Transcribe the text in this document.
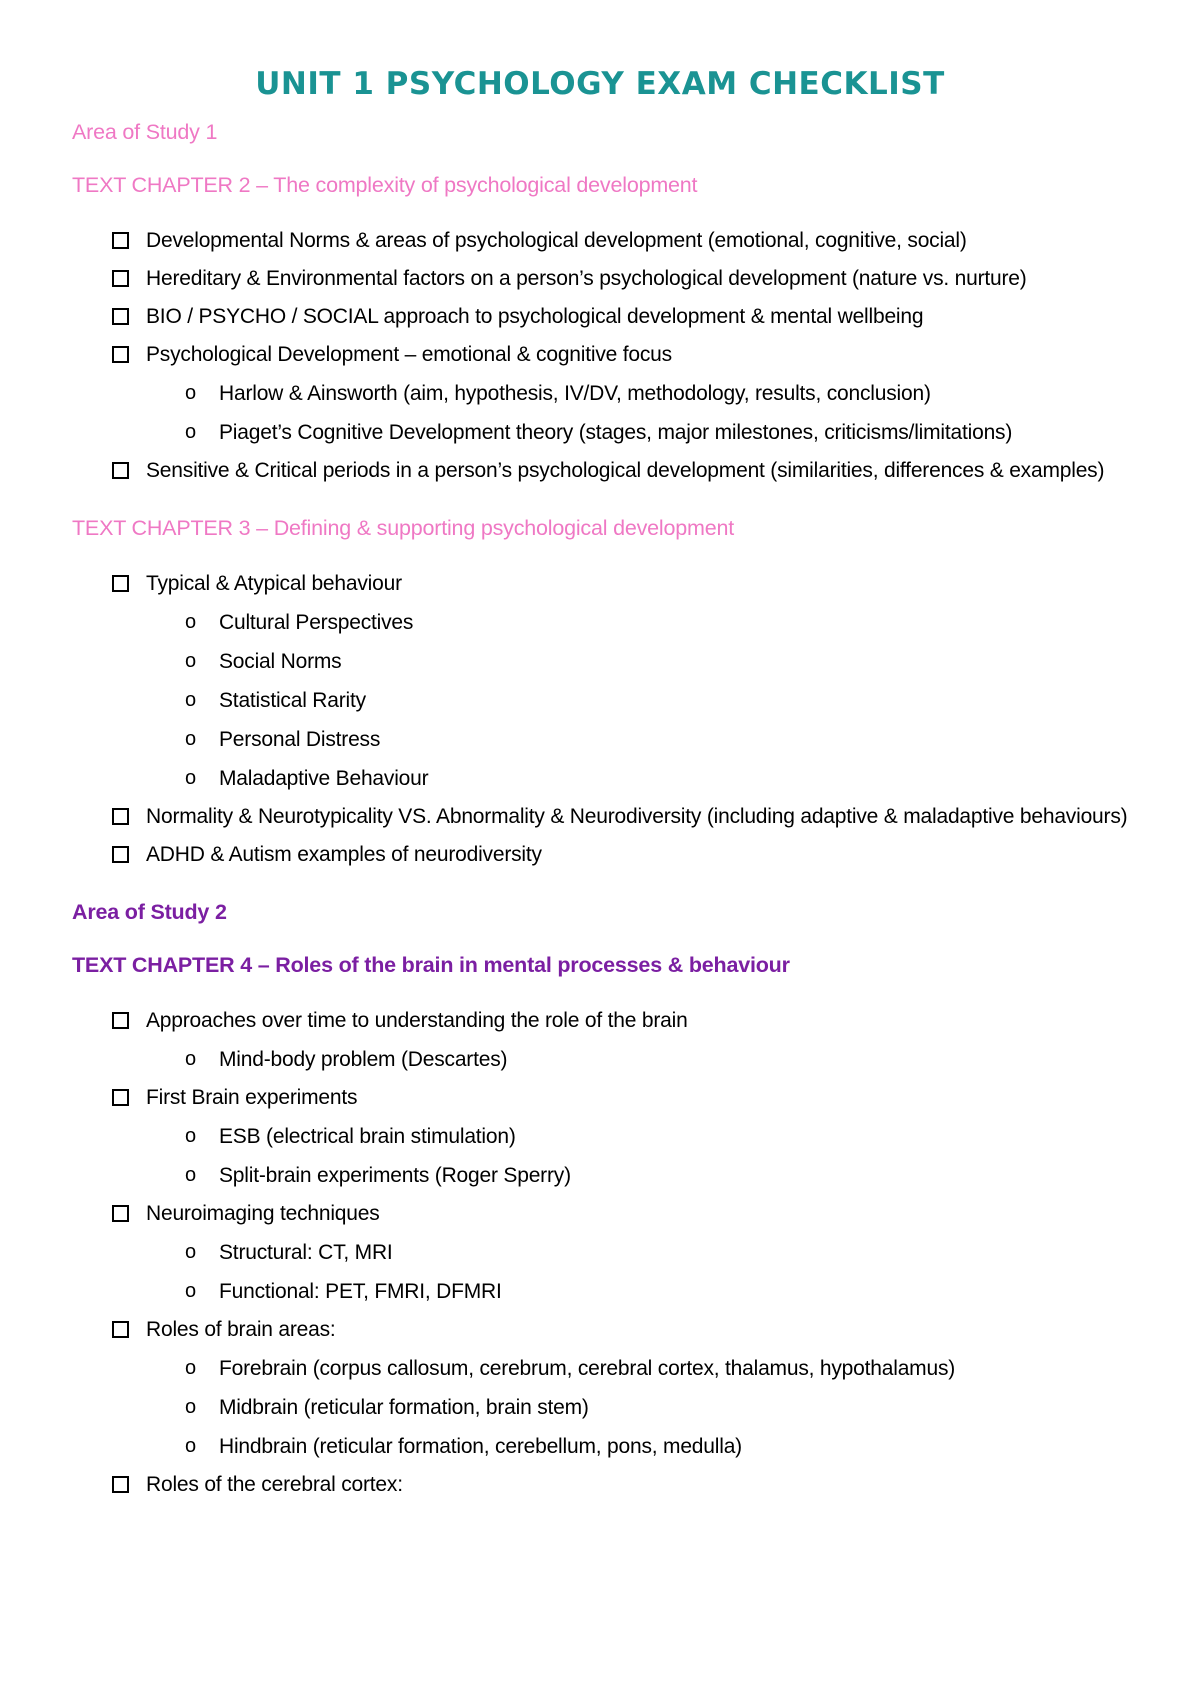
UNIT 1 PSYCHOLOGY EXAM CHECKLIST

Area of Study 1

TEXT CHAPTER 2 – The complexity of psychological development

Developmental Norms & areas of psychological development (emotional, cognitive, social)
Hereditary & Environmental factors on a person’s psychological development (nature vs. nurture)
BIO / PSYCHO / SOCIAL approach to psychological development & mental wellbeing
Psychological Development – emotional & cognitive focus
o Harlow & Ainsworth (aim, hypothesis, IV/DV, methodology, results, conclusion)
o Piaget’s Cognitive Development theory (stages, major milestones, criticisms/limitations)
Sensitive & Critical periods in a person’s psychological development (similarities, differences & examples)

TEXT CHAPTER 3 – Defining & supporting psychological development

Typical & Atypical behaviour
o Cultural Perspectives
o Social Norms
o Statistical Rarity
o Personal Distress
o Maladaptive Behaviour
Normality & Neurotypicality VS. Abnormality & Neurodiversity (including adaptive & maladaptive behaviours)
ADHD & Autism examples of neurodiversity

Area of Study 2

TEXT CHAPTER 4 – Roles of the brain in mental processes & behaviour

Approaches over time to understanding the role of the brain
o Mind-body problem (Descartes)
First Brain experiments
o ESB (electrical brain stimulation)
o Split-brain experiments (Roger Sperry)
Neuroimaging techniques
o Structural: CT, MRI
o Functional: PET, FMRI, DFMRI
Roles of brain areas:
o Forebrain (corpus callosum, cerebrum, cerebral cortex, thalamus, hypothalamus)
o Midbrain (reticular formation, brain stem)
o Hindbrain (reticular formation, cerebellum, pons, medulla)
Roles of the cerebral cortex:
